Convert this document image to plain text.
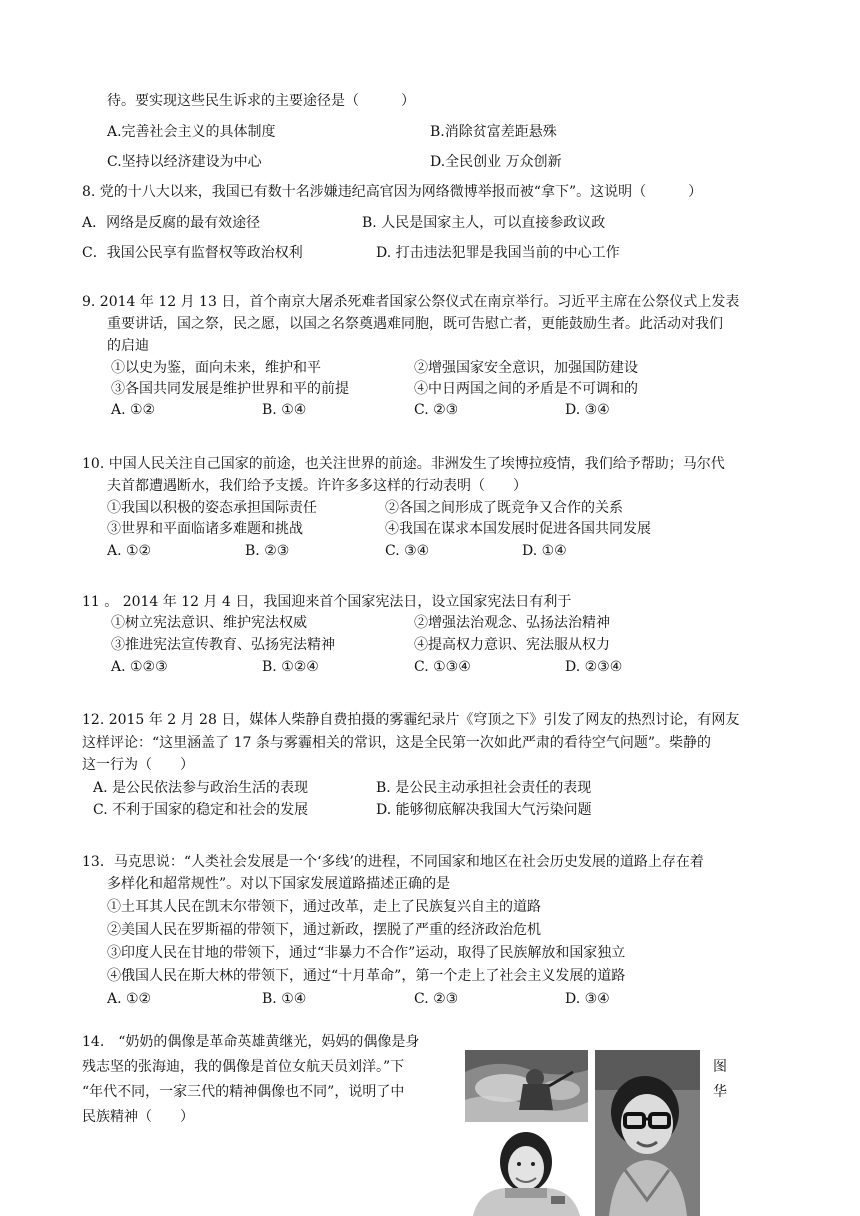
待。要实现这些民生诉求的主要途径是（　　　）
A.完善社会主义的具体制度	B.消除贫富差距悬殊
C.坚持以经济建设为中心	D.全民创业 万众创新
8. 党的十八大以来，我国已有数十名涉嫌违纪高官因为网络微博举报而被“拿下”。这说明（　　　）
A．网络是反腐的最有效途径	B. 人民是国家主人，可以直接参政议政
C．我国公民享有监督权等政治权利	D. 打击违法犯罪是我国当前的中心工作
9. 2014 年 12 月 13 日，首个南京大屠杀死难者国家公祭仪式在南京举行。习近平主席在公祭仪式上发表
重要讲话，国之祭，民之愿，以国之名祭奠遇难同胞，既可告慰亡者，更能鼓励生者。此活动对我们
的启迪
①以史为鉴，面向未来，维护和平	②增强国家安全意识，加强国防建设
③各国共同发展是维护世界和平的前提	④中日两国之间的矛盾是不可调和的
A. ①②	B. ①④	C. ②③	D. ③④
10. 中国人民关注自己国家的前途，也关注世界的前途。非洲发生了埃博拉疫情，我们给予帮助；马尔代
夫首都遭遇断水，我们给予支援。许许多多这样的行动表明（　　）
①我国以积极的姿态承担国际责任	②各国之间形成了既竞争又合作的关系
③世界和平面临诸多难题和挑战	④我国在谋求本国发展时促进各国共同发展
A. ①②	B. ②③	C. ③④	D. ①④
11 。 2014 年 12 月 4 日，我国迎来首个国家宪法日，设立国家宪法日有利于
①树立宪法意识、维护宪法权威	②增强法治观念、弘扬法治精神
③推进宪法宣传教育、弘扬宪法精神	④提高权力意识、宪法服从权力
A. ①②③	B. ①②④	C. ①③④	D. ②③④
12. 2015 年 2 月 28 日，媒体人柴静自费拍摄的雾霾纪录片《穹顶之下》引发了网友的热烈讨论，有网友
这样评论：“这里涵盖了 17 条与雾霾相关的常识，这是全民第一次如此严肃的看待空气问题”。柴静的
这一行为（　　）
A. 是公民依法参与政治生活的表现	B. 是公民主动承担社会责任的表现
C. 不利于国家的稳定和社会的发展	D. 能够彻底解决我国大气污染问题
13．马克思说：“人类社会发展是一个‘多线’的进程，不同国家和地区在社会历史发展的道路上存在着
多样化和超常规性”。对以下国家发展道路描述正确的是
①土耳其人民在凯末尔带领下，通过改革，走上了民族复兴自主的道路
②美国人民在罗斯福的带领下，通过新政，摆脱了严重的经济政治危机
③印度人民在甘地的带领下，通过“非暴力不合作”运动，取得了民族解放和国家独立
④俄国人民在斯大林的带领下，通过“十月革命”，第一个走上了社会主义发展的道路
A. ①②	B. ①④	C. ②③	D. ③④
14.　“奶奶的偶像是革命英雄黄继光，妈妈的偶像是身
残志坚的张海迪，我的偶像是首位女航天员刘洋。”下
“年代不同，一家三代的精神偶像也不同”，说明了中
民族精神（　　）
图
华
